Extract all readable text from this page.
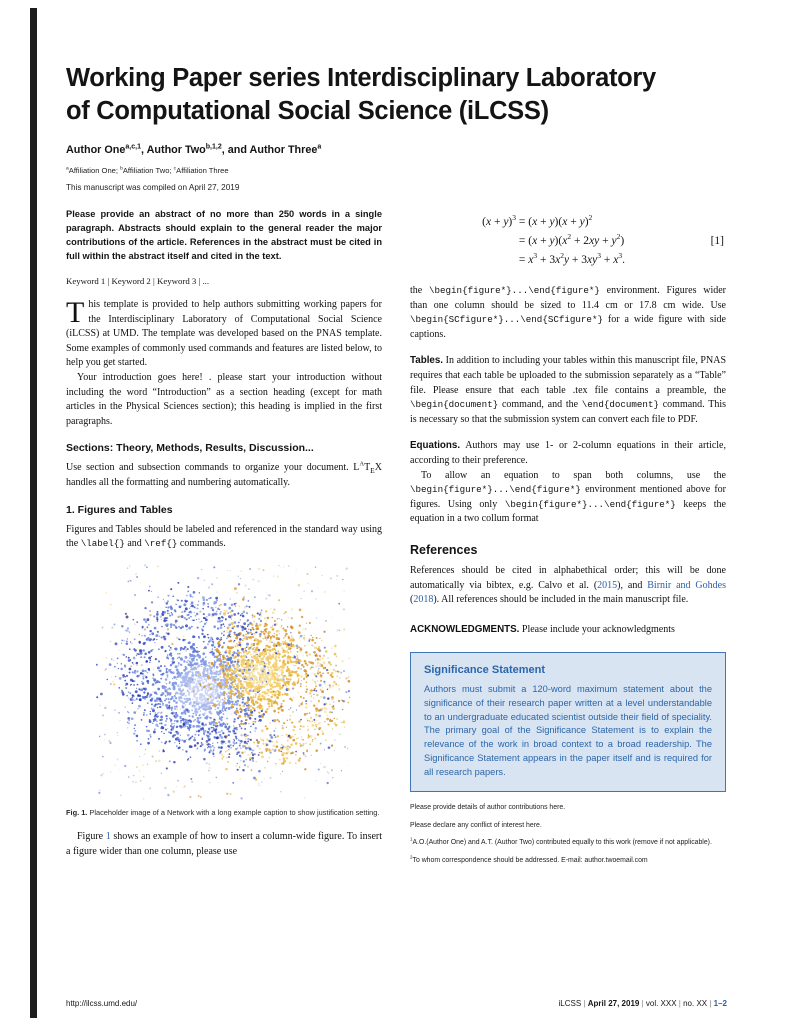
Working Paper series Interdisciplinary Laboratory
of Computational Social Science (iLCSS)
Author One$^{a,c,1}$, Author Two$^{b,1,2}$, and Author Three$^a$
$^a$Affiliation One; $^b$Affiliation Two; $^c$Affiliation Three
This manuscript was compiled on April 27, 2019
Please provide an abstract of no more than 250 words in a single paragraph. Abstracts should explain to the general reader the major contributions of the article. References in the abstract must be cited in full within the abstract itself and cited in the text.
Keyword 1 | Keyword 2 | Keyword 3 | ...

This template is provided to help authors submitting working papers for the Interdisciplinary Laboratory of Computational Social Science (iLCSS) at UMD. The template was developed based on the PNAS template. Some examples of commonly used commands and features are listed below, to help you get started.

Your introduction goes here! . please start your introduction without including the word “Introduction” as a section heading (except for math articles in the Physical Sciences section); this heading is implied in the first paragraphs.

Sections: Theory, Methods, Results, Discussion...

Use section and subsection commands to organize your document. $L^AT_EX$ handles all the formatting and numbering automatically.

1. Figures and Tables

Figures and Tables should be labeled and referenced in the standard way using the \label{} and \ref{} commands.

Fig. 1. Placeholder image of a Network with a long example caption to show justification setting.

Figure 1 shows an example of how to insert a column-wide figure. To insert a figure wider than one column, please use

$(x + y)^3 = (x + y)(x + y)^2$
= $(x + y)(x^2 + 2xy + y^2)$
= $x^3 + 3x^2y + 3xy^3 + x^3$.
[1]

the \begin{figure*}...\end{figure*} environment. Figures wider than one column should be sized to 11.4 cm or 17.8 cm wide. Use \begin{SCfigure*}...\end{SCfigure*} for a wide figure with side captions.

Tables. In addition to including your tables within this manuscript file, PNAS requires that each table be uploaded to the submission separately as a “Table” file. Please ensure that each table .tex file contains a preamble, the \begin{document} command, and the \end{document} command. This is necessary so that the submission system can convert each file to PDF.

Equations. Authors may use 1- or 2-column equations in their article, according to their preference.

To allow an equation to span both columns, use the \begin{figure*}...\end{figure*} environment mentioned above for figures. Using only \begin{figure*}...\end{figure*} keeps the equation in a two collum format

References

References should be cited in alphabethical order; this will be done automatically via bibtex, e.g. Calvo et al. (2015), and Birnir and Gohdes (2018). All references should be included in the main manuscript file.

ACKNOWLEDGMENTS. Please include your acknowledgments

Significance Statement

Authors must submit a 120-word maximum statement about the significance of their research paper written at a level understandable to an undergraduate educated scientist outside their field of speciality. The primary goal of the Significance Statement is to explain the relevance of the work in broad context to a broad readership. The Significance Statement appears in the paper itself and is required for all research papers.

Please provide details of author contributions here.
Please declare any conflict of interest here.
$^1$A.O.(Author One) and A.T. (Author Two) contributed equally to this work (remove if not applicable).
$^2$To whom correspondence should be addressed. E-mail: author.twoemail.com
http://ilcss.umd.edu/	iLCSS | April 27, 2019 | vol. XXX | no. XX | 1–2
